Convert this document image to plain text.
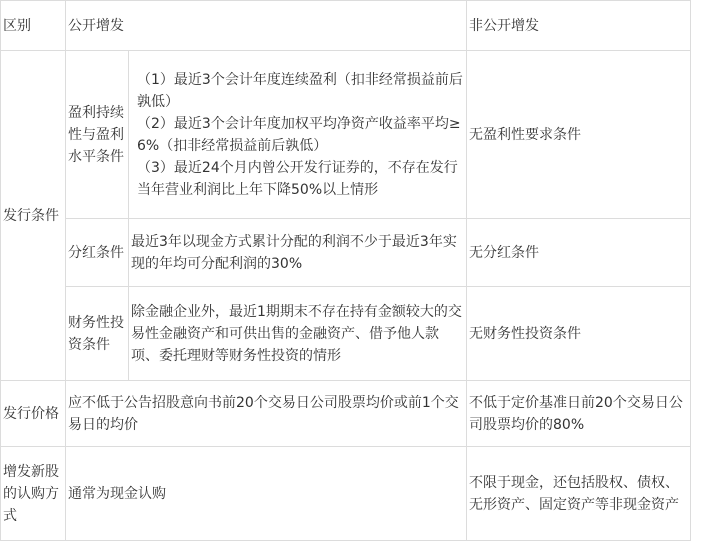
区别	公开增发		非公开增发
发行条件	盈利持续性与盈利水平条件	（1）最近3个会计年度连续盈利（扣非经常损益前后孰低）
（2）最近3个会计年度加权平均净资产收益率平均≥6%（扣非经常损益前后孰低）
（3）最近24个月内曾公开发行证券的，不存在发行当年营业利润比上年下降50%以上情形	无盈利性要求条件
	分红条件	最近3年以现金方式累计分配的利润不少于最近3年实现的年均可分配利润的30%	无分红条件
	财务性投资条件	除金融企业外，最近1期期末不存在持有金额较大的交易性金融资产和可供出售的金融资产、借予他人款项、委托理财等财务性投资的情形	无财务性投资条件
发行价格	应不低于公告招股意向书前20个交易日公司股票均价或前1个交易日的均价		不低于定价基准日前20个交易日公司股票均价的80%
增发新股的认购方式	通常为现金认购		不限于现金，还包括股权、债权、无形资产、固定资产等非现金资产
